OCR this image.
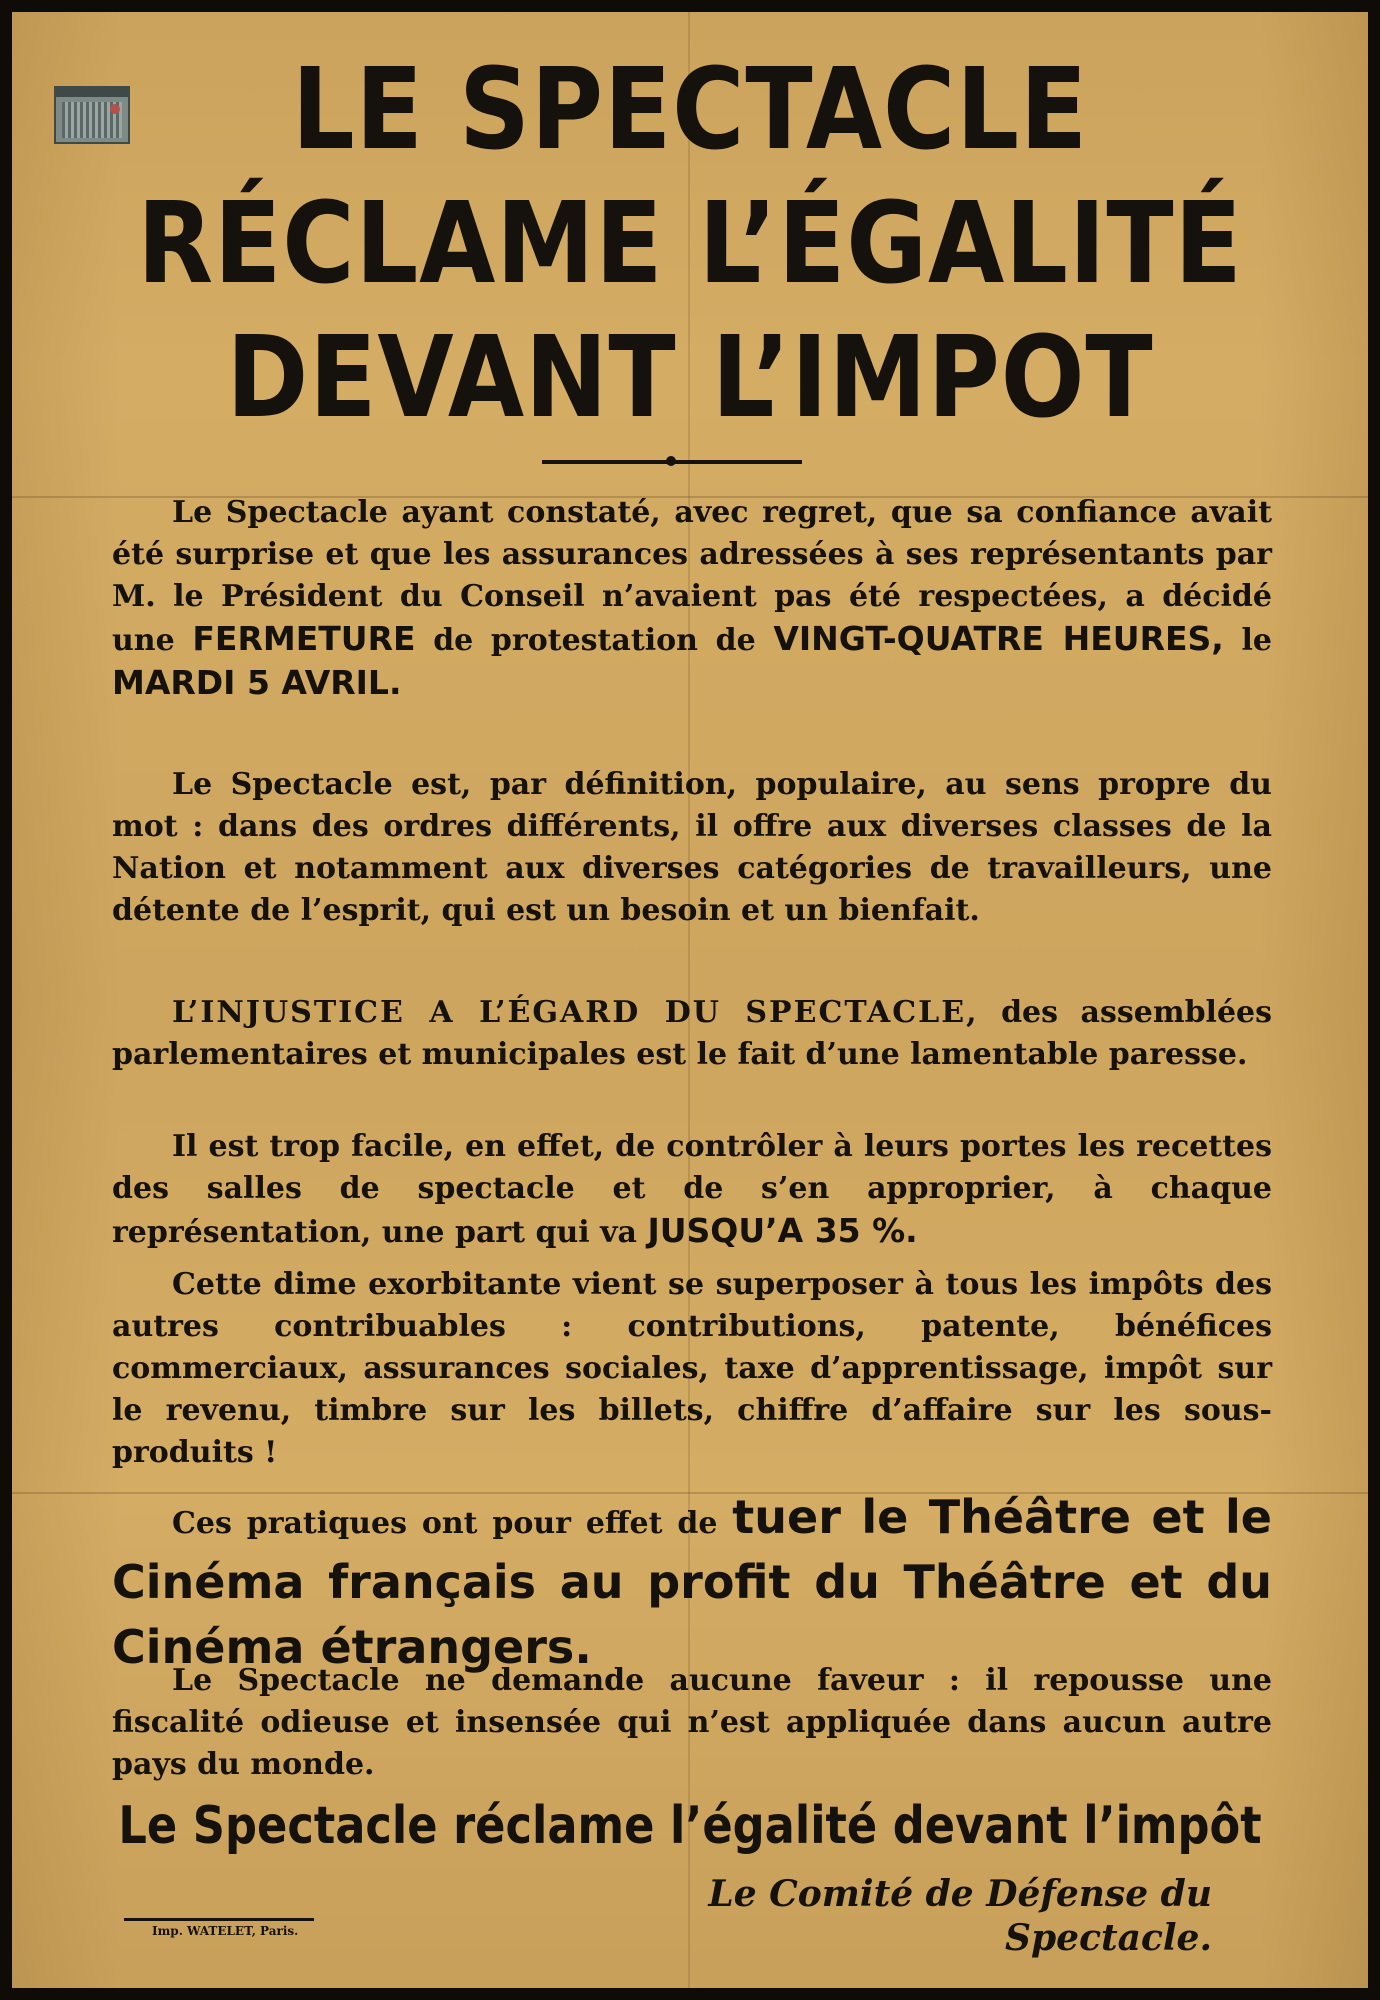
LE SPECTACLE
RÉCLAME L’ÉGALITÉ
DEVANT L’IMPOT

Le Spectacle ayant constaté, avec regret, que sa confiance avait été surprise et que les assurances adressées à ses représentants par M. le Président du Conseil n’avaient pas été respectées, a décidé une FERMETURE de protestation de VINGT-QUATRE HEURES, le MARDI 5 AVRIL.

Le Spectacle est, par définition, populaire, au sens propre du mot : dans des ordres différents, il offre aux diverses classes de la Nation et notamment aux diverses catégories de travailleurs, une détente de l’esprit, qui est un besoin et un bienfait.

L’INJUSTICE A L’ÉGARD DU SPECTACLE, des assemblées parlementaires et municipales est le fait d’une lamentable paresse.

Il est trop facile, en effet, de contrôler à leurs portes les recettes des salles de spectacle et de s’en approprier, à chaque représentation, une part qui va JUSQU’A 35 %.

Cette dime exorbitante vient se superposer à tous les impôts des autres contribuables : contributions, patente, bénéfices commerciaux, assurances sociales, taxe d’apprentissage, impôt sur le revenu, timbre sur les billets, chiffre d’affaire sur les sous-produits !

Ces pratiques ont pour effet de tuer le Théâtre et le Cinéma français au profit du Théâtre et du Cinéma étrangers.

Le Spectacle ne demande aucune faveur : il repousse une fiscalité odieuse et insensée qui n’est appliquée dans aucun autre pays du monde.

Le Spectacle réclame l’égalité devant l’impôt

Le Comité de Défense du Spectacle.

Imp. WATELET, Paris.
